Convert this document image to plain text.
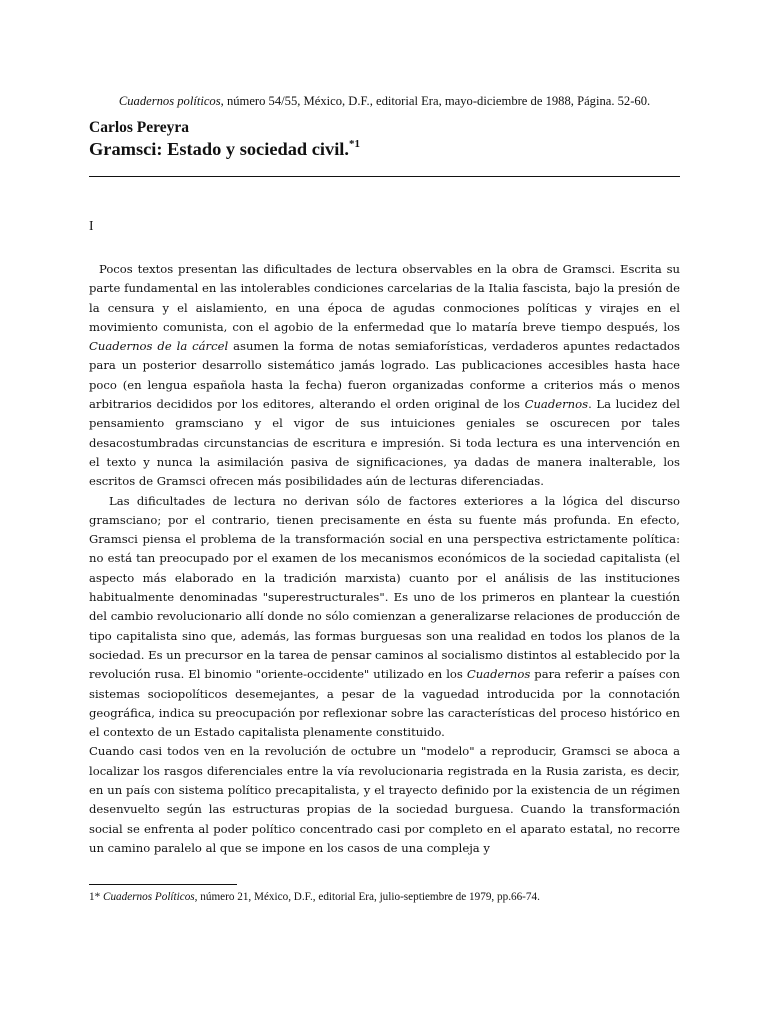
Cuadernos políticos, número 54/55, México, D.F., editorial Era, mayo-diciembre de 1988, Página. 52-60.
Carlos Pereyra
Gramsci: Estado y sociedad civil.$^{*1}$
I

Pocos textos presentan las dificultades de lectura observables en la obra de Gramsci. Escrita su parte fundamental en las intolerables condiciones carcelarias de la Italia fascista, bajo la presión de la censura y el aislamiento, en una época de agudas conmociones políticas y virajes en el movimiento comunista, con el agobio de la enfermedad que lo mataría breve tiempo después, los Cuadernos de la cárcel asumen la forma de notas semiaforísticas, verdaderos apuntes redactados para un posterior desarrollo sistemático jamás logrado. Las publicaciones accesibles hasta hace poco (en lengua española hasta la fecha) fueron organizadas conforme a criterios más o menos arbitrarios decididos por los editores, alterando el orden original de los Cuadernos. La lucidez del pensamiento gramsciano y el vigor de sus intuiciones geniales se oscurecen por tales desacostumbradas circunstancias de escritura e impresión. Si toda lectura es una intervención en el texto y nunca la asimilación pasiva de significaciones, ya dadas de manera inalterable, los escritos de Gramsci ofrecen más posibilidades aún de lecturas diferenciadas.

Las dificultades de lectura no derivan sólo de factores exteriores a la lógica del discurso gramsciano; por el contrario, tienen precisamente en ésta su fuente más profunda. En efecto, Gramsci piensa el problema de la transformación social en una perspectiva estrictamente política: no está tan preocupado por el examen de los mecanismos económicos de la sociedad capitalista (el aspecto más elaborado en la tradición marxista) cuanto por el análisis de las instituciones habitualmente denominadas "superestructurales". Es uno de los primeros en plantear la cuestión del cambio revolucionario allí donde no sólo comienzan a generalizarse relaciones de producción de tipo capitalista sino que, además, las formas burguesas son una realidad en todos los planos de la sociedad. Es un precursor en la tarea de pensar caminos al socialismo distintos al establecido por la revolución rusa. El binomio "oriente-occidente" utilizado en los Cuadernos para referir a países con sistemas sociopolíticos desemejantes, a pesar de la vaguedad introducida por la connotación geográfica, indica su preocupación por reflexionar sobre las características del proceso histórico en el contexto de un Estado capitalista plenamente constituido.

Cuando casi todos ven en la revolución de octubre un "modelo" a reproducir, Gramsci se aboca a localizar los rasgos diferenciales entre la vía revolucionaria registrada en la Rusia zarista, es decir, en un país con sistema político precapitalista, y el trayecto definido por la existencia de un régimen desenvuelto según las estructuras propias de la sociedad burguesa. Cuando la transformación social se enfrenta al poder político concentrado casi por completo en el aparato estatal, no recorre un camino paralelo al que se impone en los casos de una compleja y

1* Cuadernos Políticos, número 21, México, D.F., editorial Era, julio-septiembre de 1979, pp.66-74.
